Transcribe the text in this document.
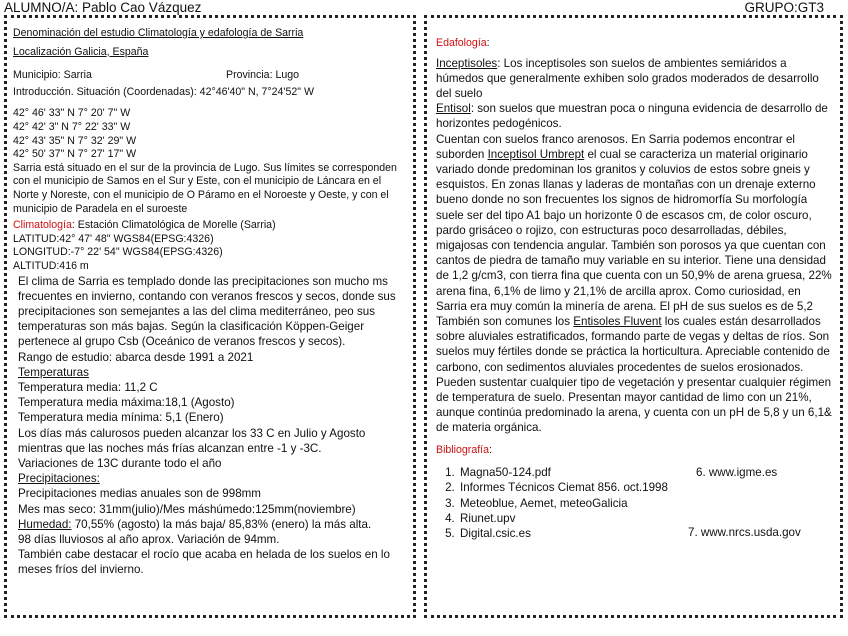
ALUMNO/A: Pablo Cao Vázquez	GRUPO:GT3
Denominación del estudio Climatología y edafología de Sarria
Localización Galicia, España
Municipio: Sarria	Provincia: Lugo
Introducción. Situación (Coordenadas): 42°46'40" N, 7°24'52" W
42° 46' 33" N 7° 20' 7" W
42° 42' 3" N 7° 22' 33" W
42° 43' 35" N 7° 32' 29" W
42° 50' 37" N 7° 27' 17" W
Sarria está situado en el sur de la provincia de Lugo. Sus límites se corresponden con el municipio de Samos en el Sur y Este, con el municipio de Láncara en el Norte y Noreste, con el municipio de O Páramo en el Noroeste y Oeste, y con el municipio de Paradela en el suroeste
Climatología: Estación Climatológica de Morelle (Sarria)
LATITUD:42° 47' 48" WGS84(EPSG:4326)
LONGITUD:-7° 22' 54" WGS84(EPSG:4326)
ALTITUD:416 m
El clima de Sarria es templado donde las precipitaciones son mucho ms frecuentes en invierno, contando con veranos frescos y secos, donde sus precipitaciones son semejantes a las del clima mediterráneo, peo sus temperaturas son más bajas. Según la clasificación Köppen-Geiger pertenece al grupo Csb (Oceánico de veranos frescos y secos).
Rango de estudio: abarca desde 1991 a 2021
Temperaturas
Temperatura media: 11,2 C
Temperatura media máxima:18,1 (Agosto)
Temperatura media mínima: 5,1 (Enero)
Los días más calurosos pueden alcanzar los 33 C en Julio y Agosto mientras que las noches más frías alcanzan entre -1 y -3C.
Variaciones de 13C durante todo el año
Precipitaciones:
Precipitaciones medias anuales son de 998mm
Mes mas seco: 31mm(julio)/Mes máshúmedo:125mm(noviembre)
Humedad: 70,55% (agosto) la más baja/ 85,83% (enero) la más alta.
98 días lluviosos al año aprox. Variación de 94mm.
También cabe destacar el rocío que acaba en helada de los suelos en lo meses fríos del invierno.
Edafología:
Inceptisoles: Los inceptisoles son suelos de ambientes semiáridos a húmedos que generalmente exhiben solo grados moderados de desarrollo del suelo
Entisol: son suelos que muestran poca o ninguna evidencia de desarrollo de horizontes pedogénicos.
Cuentan con suelos franco arenosos. En Sarria podemos encontrar el suborden Inceptisol Umbrept el cual se caracteriza un material originario variado donde predominan los granitos y coluvios de estos sobre gneis y esquistos. En zonas llanas y laderas de montañas con un drenaje externo bueno donde no son frecuentes los signos de hidromorfía Su morfología suele ser del tipo A1 bajo un horizonte 0 de escasos cm, de color oscuro, pardo grisáceo o rojizo, con estructuras poco desarrolladas, débiles, migajosas con tendencia angular. También son porosos ya que cuentan con cantos de piedra de tamaño muy variable en su interior. Tiene una densidad de 1,2 g/cm3, con tierra fina que cuenta con un 50,9% de arena gruesa, 22% arena fina, 6,1% de limo y 21,1% de arcilla aprox. Como curiosidad, en Sarria era muy común la minería de arena. El pH de sus suelos es de 5,2 También son comunes los Entisoles Fluvent los cuales están desarrollados sobre aluviales estratificados, formando parte de vegas y deltas de ríos. Son suelos muy fértiles donde se práctica la horticultura. Apreciable contenido de carbono, con sedimentos aluviales procedentes de suelos erosionados. Pueden sustentar cualquier tipo de vegetación y presentar cualquier régimen de temperatura de suelo. Presentan mayor cantidad de limo con un 21%, aunque continúa predominado la arena, y cuenta con un pH de 5,8 y un 6,1& de materia orgánica.
Bibliografía:
1. Magna50-124.pdf
2. Informes Técnicos Ciemat 856. oct.1998
3. Meteoblue, Aemet, meteoGalicia
4. Riunet.upv
5. Digital.csic.es
6. www.igme.es
7. www.nrcs.usda.gov
